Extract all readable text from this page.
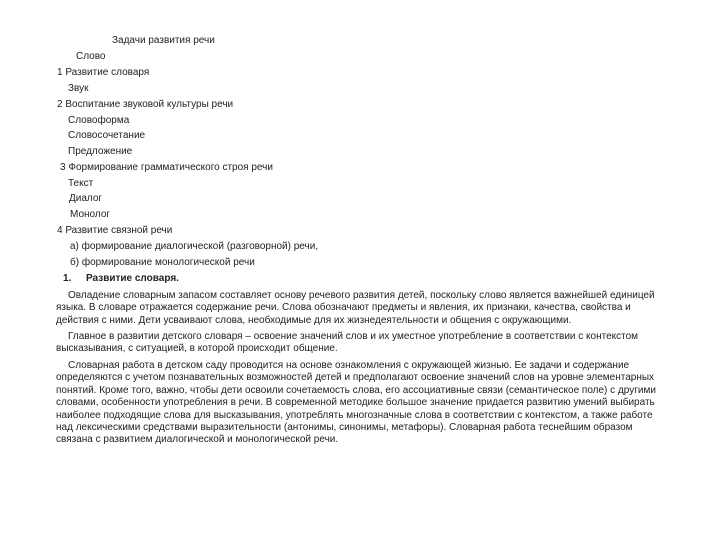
Задачи развития речи
Слово
1 Развитие словаря
Звук
2 Воспитание звуковой культуры речи
Словоформа
Словосочетание
Предложение
3 Формирование грамматического строя речи
Текст
Диалог
Монолог
4 Развитие связной речи
а) формирование диалогической (разговорной) речи,
б) формирование монологической речи
1. Развитие словаря.

Овладение словарным запасом составляет основу речевого развития детей, поскольку слово является важнейшей единицей языка. В словаре отражается содержание речи. Слова обозначают предметы и явления, их признаки, качества, свойства и действия с ними. Дети усваивают слова, необходимые для их жизнедеятельности и общения с окружающими.

Главное в развитии детского словаря – освоение значений слов и их уместное употребление в соответствии с контекстом высказывания, с ситуацией, в которой происходит общение.

Словарная работа в детском саду проводится на основе ознакомления с окружающей жизнью. Ее задачи и содержание определяются с учетом познавательных возможностей детей и предполагают освоение значений слов на уровне элементарных понятий. Кроме того, важно, чтобы дети освоили сочетаемость слова, его ассоциативные связи (семантическое поле) с другими словами, особенности употребления в речи. В современной методике большое значение придается развитию умений выбирать наиболее подходящие слова для высказывания, употреблять многозначные слова в соответствии с контекстом, а также работе над лексическими средствами выразительности (антонимы, синонимы, метафоры). Словарная работа теснейшим образом связана с развитием диалогической и монологической речи.
